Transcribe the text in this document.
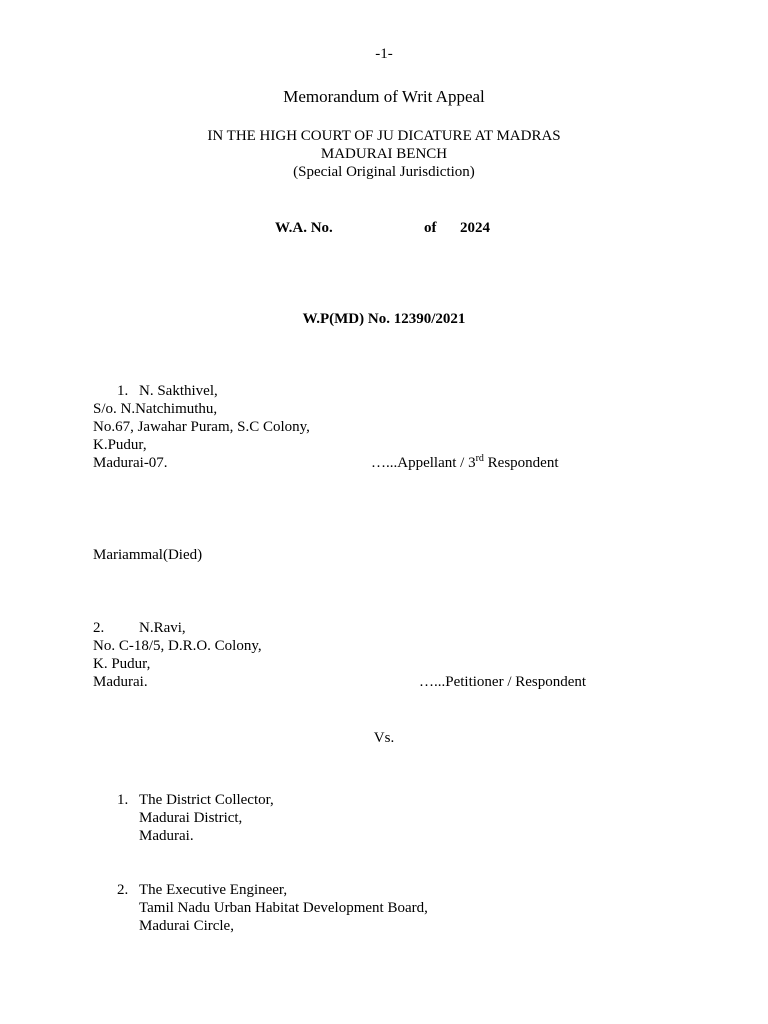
-1-
Memorandum of Writ Appeal
IN THE HIGH COURT OF JU DICATURE AT MADRAS
MADURAI BENCH
(Special Original Jurisdiction)
W.A. No.	of 2024
W.P(MD) No. 12390/2021
1. N. Sakthivel,
S/o. N.Natchimuthu,
No.67, Jawahar Puram, S.C Colony,
K.Pudur,
Madurai-07.	…...Appellant / 3rd Respondent
Mariammal(Died)
2. N.Ravi,
No. C-18/5, D.R.O. Colony,
K. Pudur,
Madurai.	…...Petitioner / Respondent
Vs.
1. The District Collector,
Madurai District,
Madurai.
2. The Executive Engineer,
Tamil Nadu Urban Habitat Development Board,
Madurai Circle,
